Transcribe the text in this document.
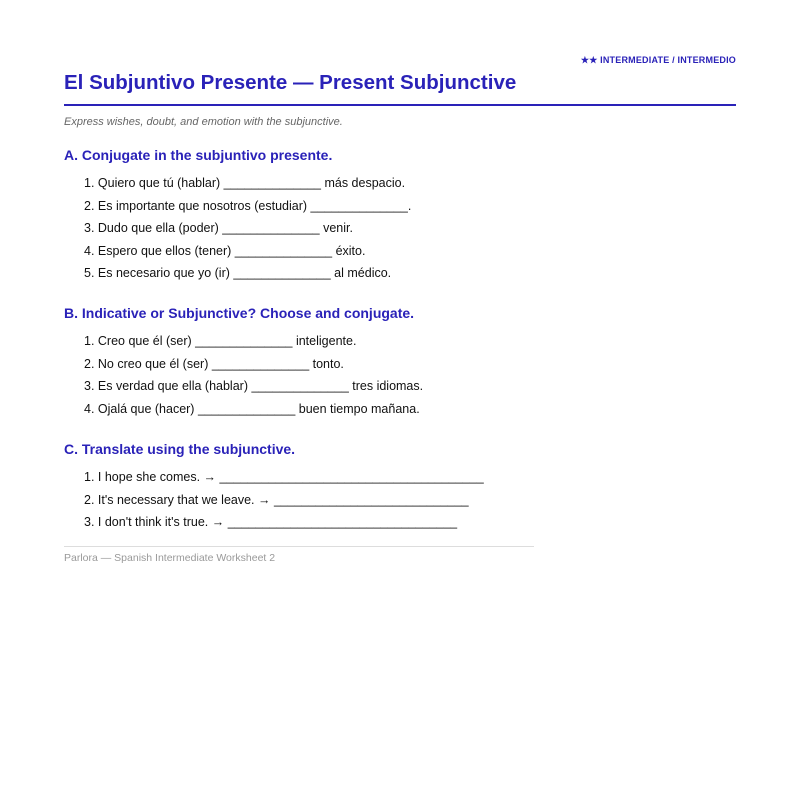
★★ INTERMEDIATE / INTERMEDIO
El Subjuntivo Presente — Present Subjunctive
Express wishes, doubt, and emotion with the subjunctive.
A. Conjugate in the subjuntivo presente.
1. Quiero que tú (hablar) ______________ más despacio.
2. Es importante que nosotros (estudiar) ______________.
3. Dudo que ella (poder) ______________ venir.
4. Espero que ellos (tener) ______________ éxito.
5. Es necesario que yo (ir) ______________ al médico.
B. Indicative or Subjunctive? Choose and conjugate.
1. Creo que él (ser) ______________ inteligente.
2. No creo que él (ser) ______________ tonto.
3. Es verdad que ella (hablar) ______________ tres idiomas.
4. Ojalá que (hacer) ______________ buen tiempo mañana.
C. Translate using the subjunctive.
1. I hope she comes. → ______________________________________
2. It's necessary that we leave. → ____________________________
3. I don't think it's true. → _________________________________
Parlora — Spanish Intermediate Worksheet 2
